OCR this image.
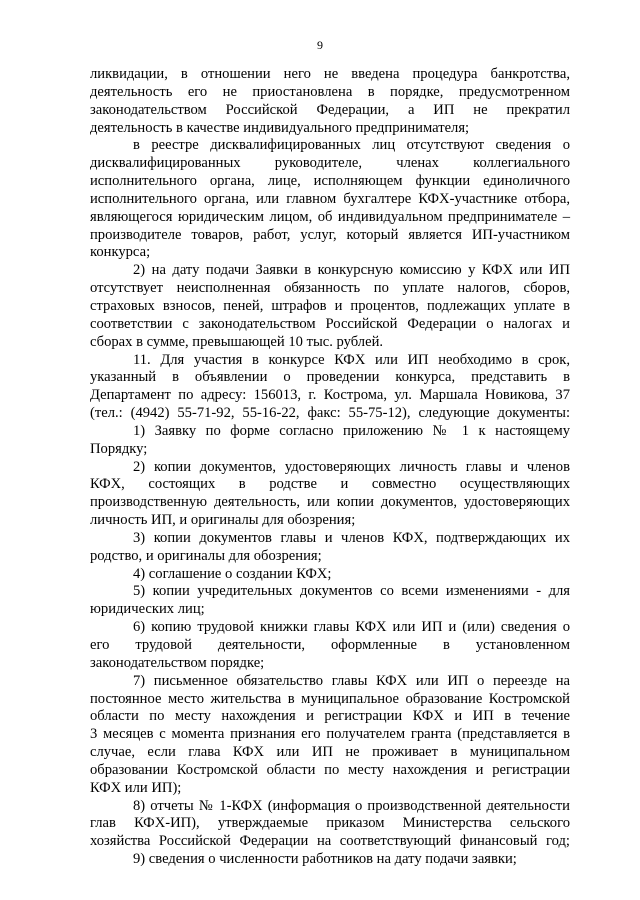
9
ликвидации, в отношении него не введена процедура банкротства,
деятельность его не приостановлена в порядке, предусмотренном
законодательством Российской Федерации, а ИП не прекратил
деятельность в качестве индивидуального предпринимателя;
в реестре дисквалифицированных лиц отсутствуют сведения о
дисквалифицированных руководителе, членах коллегиального
исполнительного органа, лице, исполняющем функции единоличного
исполнительного органа, или главном бухгалтере КФХ-участнике отбора,
являющегося юридическим лицом, об индивидуальном предпринимателе –
производителе товаров, работ, услуг, который является ИП-участником
конкурса;
2) на дату подачи Заявки в конкурсную комиссию у КФХ или ИП
отсутствует неисполненная обязанность по уплате налогов, сборов,
страховых взносов, пеней, штрафов и процентов, подлежащих уплате в
соответствии с законодательством Российской Федерации о налогах и
сборах в сумме, превышающей 10 тыс. рублей.
11. Для участия в конкурсе КФХ или ИП необходимо в срок,
указанный в объявлении о проведении конкурса, представить в
Департамент по адресу: 156013, г. Кострома, ул. Маршала Новикова, 37
(тел.: (4942) 55-71-92, 55-16-22, факс: 55-75-12), следующие документы:
1) Заявку по форме согласно приложению № 1 к настоящему
Порядку;
2) копии документов, удостоверяющих личность главы и членов
КФХ, состоящих в родстве и совместно осуществляющих
производственную деятельность, или копии документов, удостоверяющих
личность ИП, и оригиналы для обозрения;
3) копии документов главы и членов КФХ, подтверждающих их
родство, и оригиналы для обозрения;
4) соглашение о создании КФХ;
5) копии учредительных документов со всеми изменениями - для
юридических лиц;
6) копию трудовой книжки главы КФХ или ИП и (или) сведения о
его трудовой деятельности, оформленные в установленном
законодательством порядке;
7) письменное обязательство главы КФХ или ИП о переезде на
постоянное место жительства в муниципальное образование Костромской
области по месту нахождения и регистрации КФХ и ИП в течение
3 месяцев с момента признания его получателем гранта (представляется в
случае, если глава КФХ или ИП не проживает в муниципальном
образовании Костромской области по месту нахождения и регистрации
КФХ или ИП);
8) отчеты № 1-КФХ (информация о производственной деятельности
глав КФХ-ИП), утверждаемые приказом Министерства сельского
хозяйства Российской Федерации на соответствующий финансовый год;
9) сведения о численности работников на дату подачи заявки;
